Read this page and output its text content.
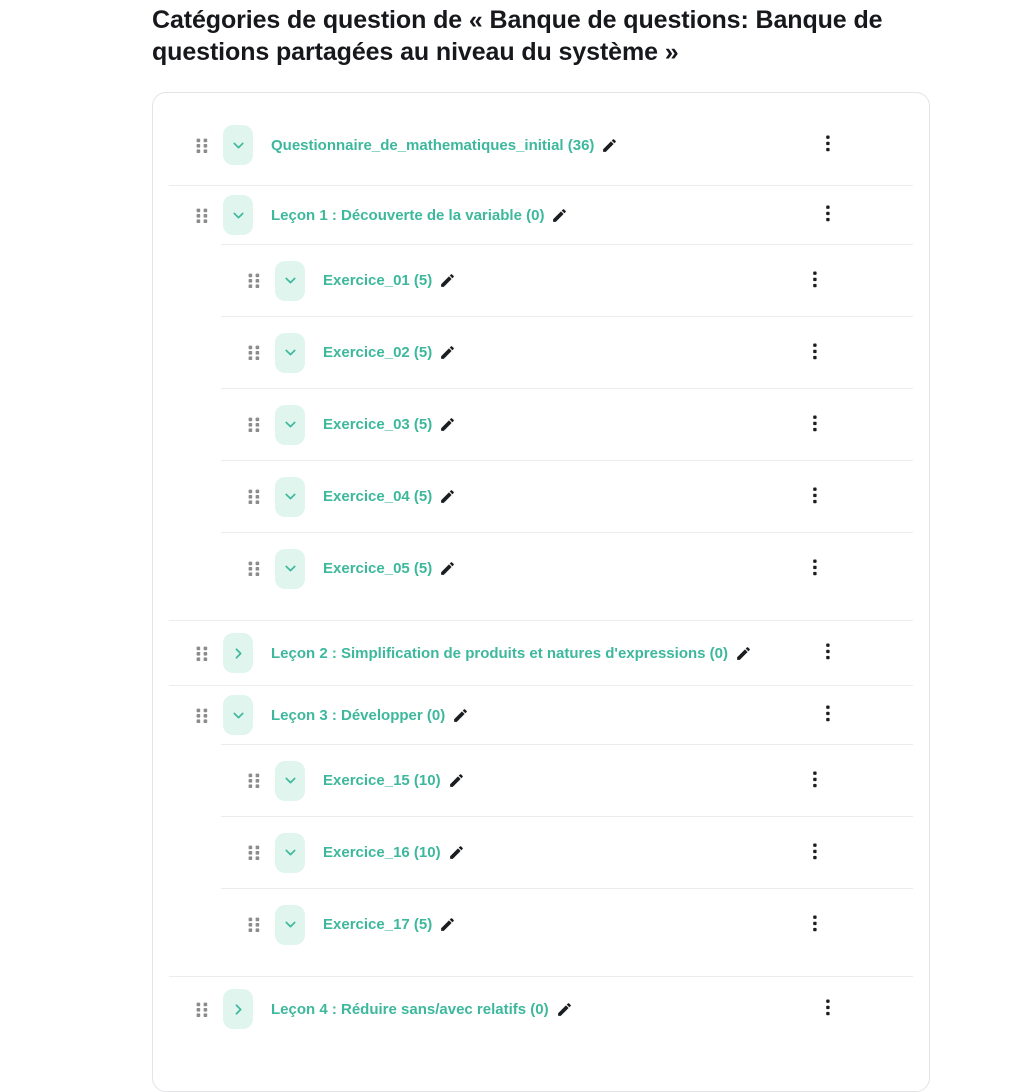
Catégories de question de « Banque de questions: Banque de questions partagées au niveau du système »
Questionnaire_de_mathematiques_initial (36)
Leçon 1 : Découverte de la variable (0)
Exercice_01 (5)
Exercice_02 (5)
Exercice_03 (5)
Exercice_04 (5)
Exercice_05 (5)
Leçon 2 : Simplification de produits et natures d'expressions (0)
Leçon 3 : Développer (0)
Exercice_15 (10)
Exercice_16 (10)
Exercice_17 (5)
Leçon 4 : Réduire sans/avec relatifs (0)
